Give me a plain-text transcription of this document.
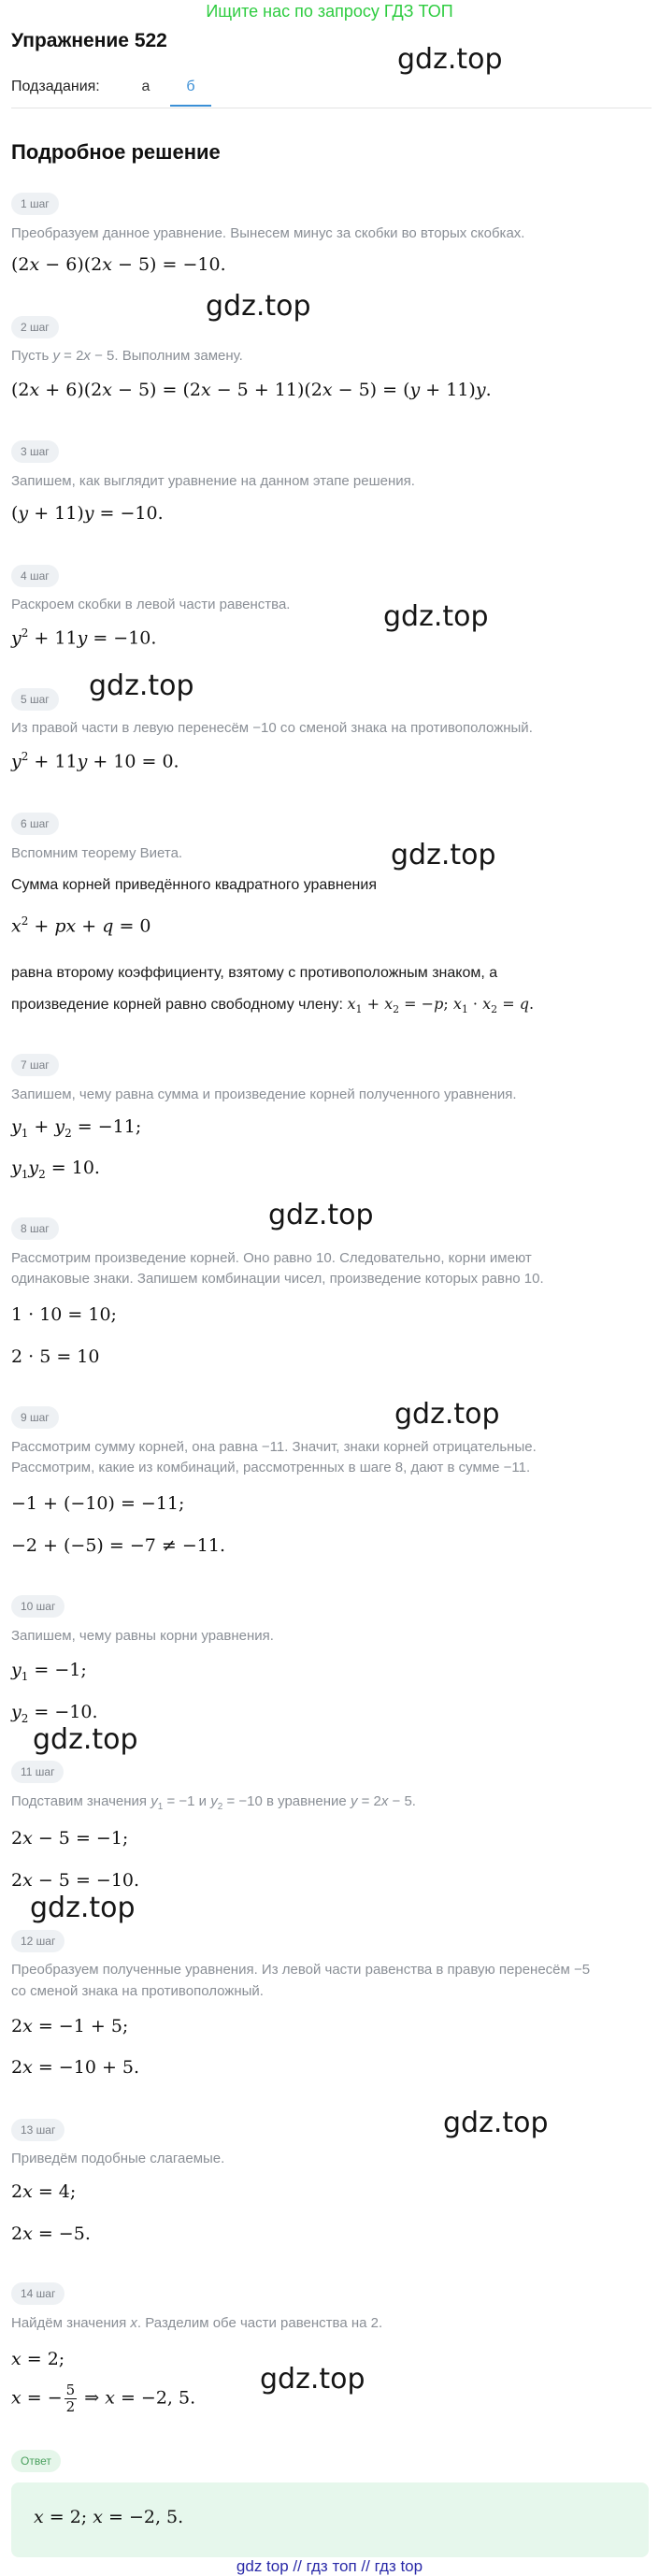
Ищите нас по запросу ГДЗ ТОП
Упражнение 522
Подзадания:	а	б
Подробное решение
gdz.top
gdz.top
gdz.top
gdz.top
gdz.top
gdz.top
gdz.top
gdz.top
gdz.top
gdz.top
gdz.top
1 шаг
Преобразуем данное уравнение. Вынесем минус за скобки во вторых скобках.
(2x − 6)(2x − 5) = −10.
2 шаг
Пусть y = 2x − 5. Выполним замену.
(2x + 6)(2x − 5) = (2x − 5 + 11)(2x − 5) = (y + 11)y.
3 шаг
Запишем, как выглядит уравнение на данном этапе решения.
(y + 11)y = −10.
4 шаг
Раскроем скобки в левой части равенства.
$y^2 + 11y = -10$.
5 шаг
Из правой части в левую перенесём −10 со сменой знака на противоположный.
$y^2 + 11y + 10 = 0$.
6 шаг
Вспомним теорему Виета.
Сумма корней приведённого квадратного уравнения
$x^2$ + px + q = 0
равна второму коэффициенту, взятому с противоположным знаком, а
произведение корней равно свободному члену: $x_1 + x_2 = -p$; $x_1 \cdot x_2 = q$.
7 шаг
Запишем, чему равна сумма и произведение корней полученного уравнения.
$y_1 + y_2 = -11$;
$y_1y_2 = 10$.
8 шаг
Рассмотрим произведение корней. Оно равно 10. Следовательно, корни имеют
одинаковые знаки. Запишем комбинации чисел, произведение которых равно 10.
1 · 10 = 10;
2 · 5 = 10
9 шаг
Рассмотрим сумму корней, она равна −11. Значит, знаки корней отрицательные.
Рассмотрим, какие из комбинаций, рассмотренных в шаге 8, дают в сумме −11.
−1 + (−10) = −11;
−2 + (−5) = −7 ≠ −11.
10 шаг
Запишем, чему равны корни уравнения.
$y_1 = -1$;
$y_2 = -10$.
11 шаг
Подставим значения $y_1 = -1$ и $y_2 = -10$ в уравнение y = 2x − 5.
2x − 5 = −1;
2x − 5 = −10.
12 шаг
Преобразуем полученные уравнения. Из левой части равенства в правую перенесём −5
со сменой знака на противоположный.
2x = −1 + 5;
2x = −10 + 5.
13 шаг
Приведём подобные слагаемые.
2x = 4;
2x = −5.
14 шаг
Найдём значения x. Разделим обе части равенства на 2.
x = 2;
x = − $\frac{5}{2}$ ⇒ x = −2, 5.
Ответ
x = 2; x = −2, 5.
gdz top // гдз топ // гдз top
